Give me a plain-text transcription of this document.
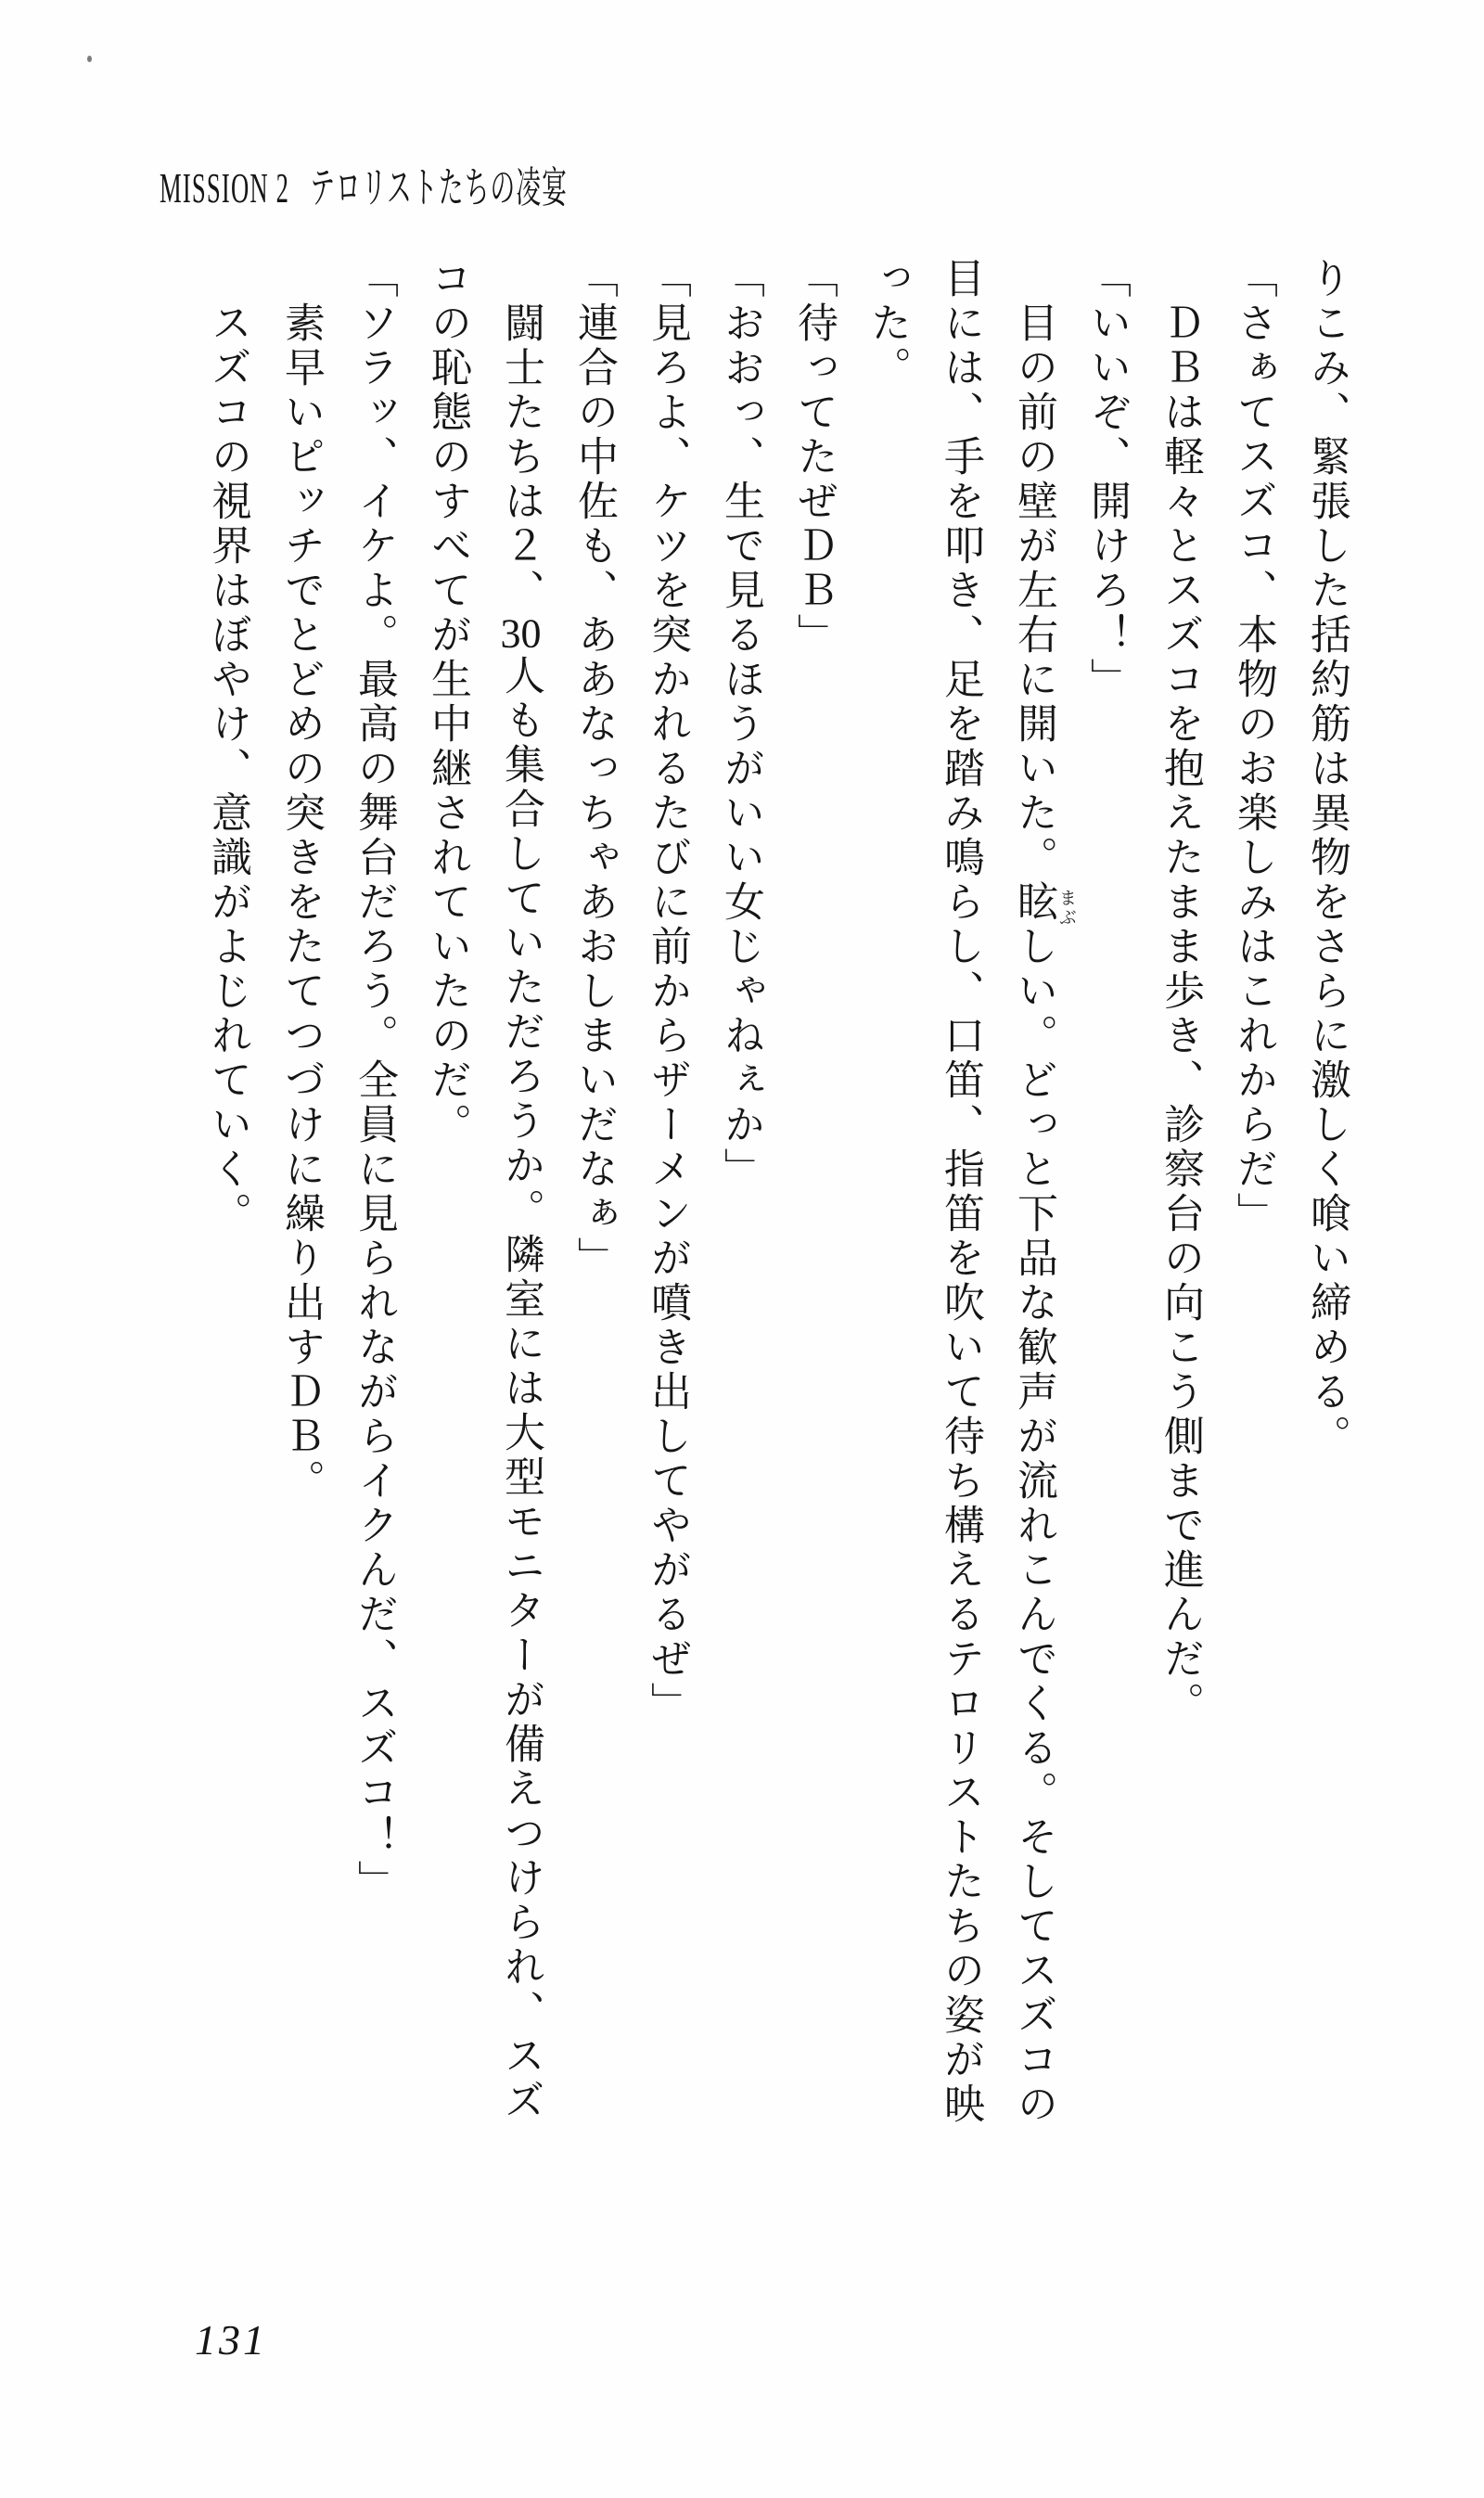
MISSION 2 テロリストたちの凌宴

りこみ、緊張した括約筋は異物をさらに激しく喰い締める。

「さぁてスズコ、本物のお楽しみはこれからだ」

ＤＢは軽々とスズコを抱えたまま歩き、診察台の向こう側まで進んだ。

「いいぞ、開けろ！」

目の前の壁が左右に開いた。眩しい。どっと下品な歓声が流れこんでくる。そしてスズコの

目には、手を叩き、足を踏み鳴らし、口笛、指笛を吹いて待ち構えるテロリストたちの姿が映

った。

「待ってたぜＤＢ」

「おおっ、生で見るほうがいい女じゃねぇか」

「見ろよ、ケツを突かれるたびに前からザーメンが噴き出してやがるぜ」

「連合の中佐も、ああなっちゃあおしまいだなぁ」

闘士たちは２、30人も集合していただろうか。隣室には大型モニターが備えつけられ、スズ

コの恥態のすべてが生中継されていたのだ。

「ソラッ、イケよ。最高の舞台だろう。全員に見られながらイクんだ、スズコ！」

素早いピッチでとどめの突きをたてつづけに繰り出すＤＢ。

スズコの視界はぼやけ、意識がよじれていく。	まぶ
131
